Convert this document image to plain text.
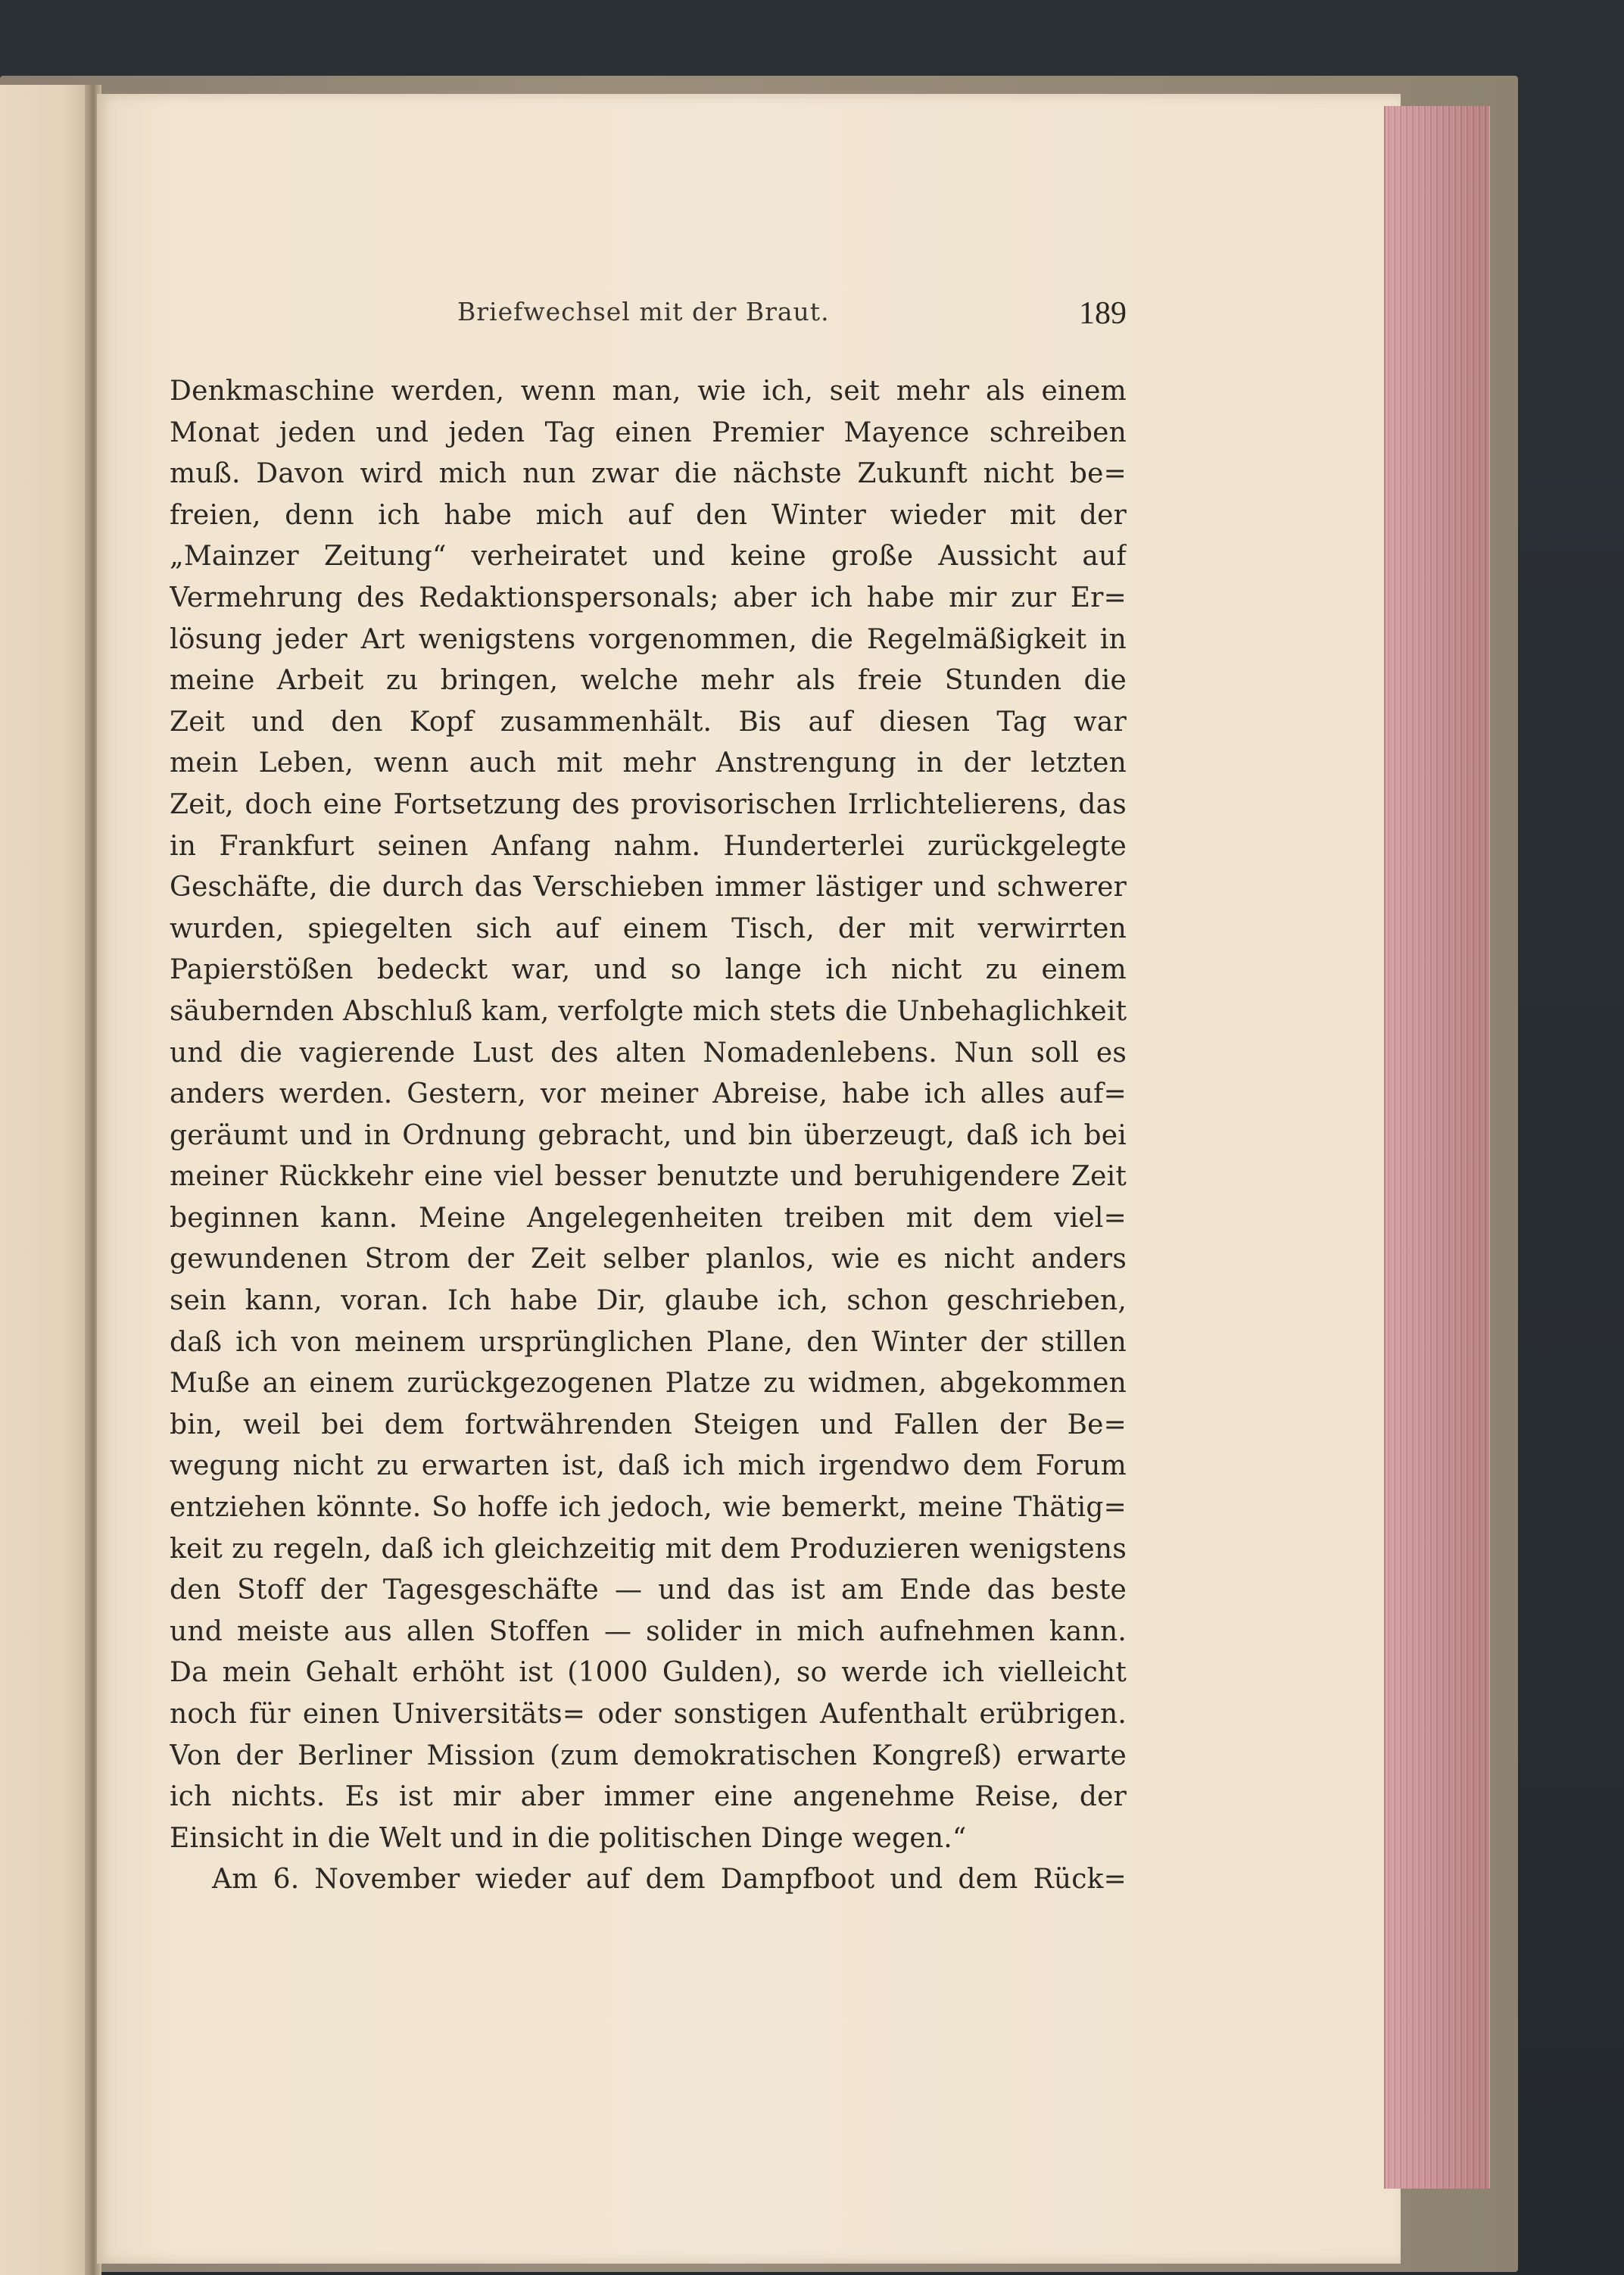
Briefwechsel mit der Braut.	189
Denkmaschine werden, wenn man, wie ich, seit mehr als einem
Monat jeden und jeden Tag einen Premier Mayence schreiben
muß. Davon wird mich nun zwar die nächste Zukunft nicht be=
freien, denn ich habe mich auf den Winter wieder mit der
„Mainzer Zeitung“ verheiratet und keine große Aussicht auf
Vermehrung des Redaktionspersonals; aber ich habe mir zur Er=
lösung jeder Art wenigstens vorgenommen, die Regelmäßigkeit in
meine Arbeit zu bringen, welche mehr als freie Stunden die
Zeit und den Kopf zusammenhält. Bis auf diesen Tag war
mein Leben, wenn auch mit mehr Anstrengung in der letzten
Zeit, doch eine Fortsetzung des provisorischen Irrlichtelierens, das
in Frankfurt seinen Anfang nahm. Hunderterlei zurückgelegte
Geschäfte, die durch das Verschieben immer lästiger und schwerer
wurden, spiegelten sich auf einem Tisch, der mit verwirrten
Papierstößen bedeckt war, und so lange ich nicht zu einem
säubernden Abschluß kam, verfolgte mich stets die Unbehaglichkeit
und die vagierende Lust des alten Nomadenlebens. Nun soll es
anders werden. Gestern, vor meiner Abreise, habe ich alles auf=
geräumt und in Ordnung gebracht, und bin überzeugt, daß ich bei
meiner Rückkehr eine viel besser benutzte und beruhigendere Zeit
beginnen kann. Meine Angelegenheiten treiben mit dem viel=
gewundenen Strom der Zeit selber planlos, wie es nicht anders
sein kann, voran. Ich habe Dir, glaube ich, schon geschrieben,
daß ich von meinem ursprünglichen Plane, den Winter der stillen
Muße an einem zurückgezogenen Platze zu widmen, abgekommen
bin, weil bei dem fortwährenden Steigen und Fallen der Be=
wegung nicht zu erwarten ist, daß ich mich irgendwo dem Forum
entziehen könnte. So hoffe ich jedoch, wie bemerkt, meine Thätig=
keit zu regeln, daß ich gleichzeitig mit dem Produzieren wenigstens
den Stoff der Tagesgeschäfte — und das ist am Ende das beste
und meiste aus allen Stoffen — solider in mich aufnehmen kann.
Da mein Gehalt erhöht ist (1000 Gulden), so werde ich vielleicht
noch für einen Universitäts= oder sonstigen Aufenthalt erübrigen.
Von der Berliner Mission (zum demokratischen Kongreß) erwarte
ich nichts. Es ist mir aber immer eine angenehme Reise, der
Einsicht in die Welt und in die politischen Dinge wegen.“
Am 6. November wieder auf dem Dampfboot und dem Rück=
